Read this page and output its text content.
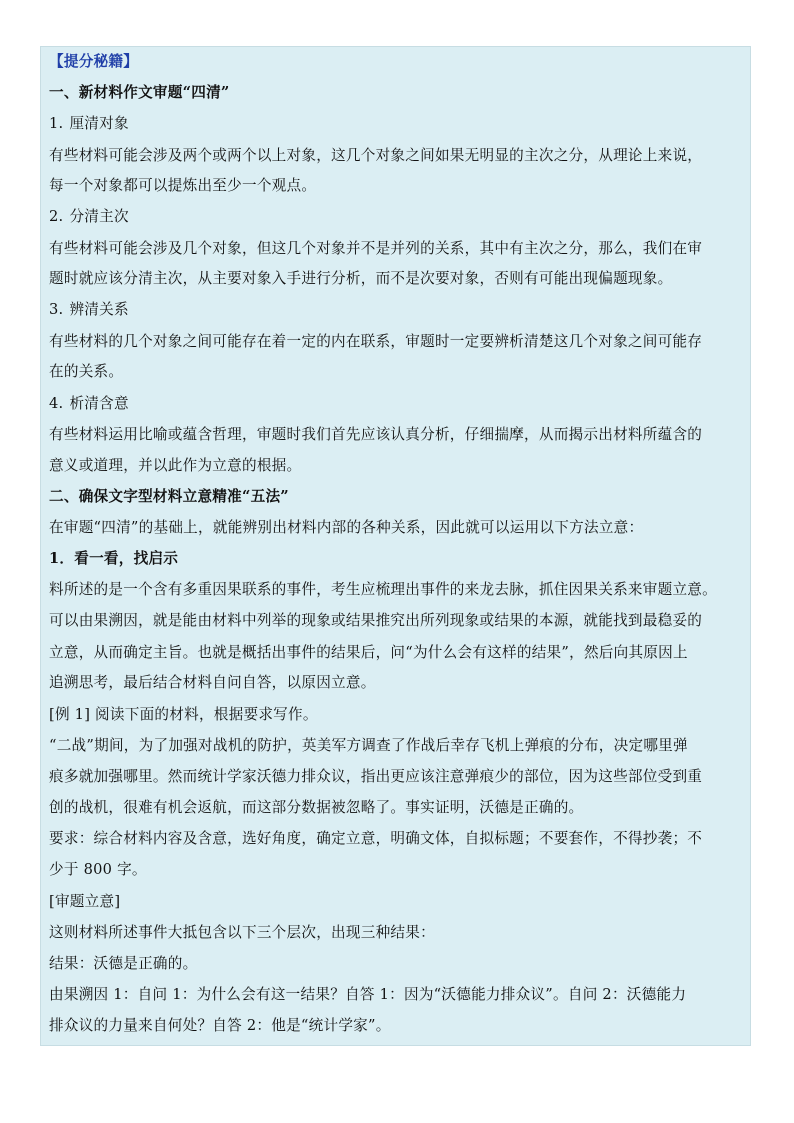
【提分秘籍】
一、新材料作文审题“四清”
1. 厘清对象
有些材料可能会涉及两个或两个以上对象，这几个对象之间如果无明显的主次之分，从理论上来说，
每一个对象都可以提炼出至少一个观点。
2. 分清主次
有些材料可能会涉及几个对象，但这几个对象并不是并列的关系，其中有主次之分，那么，我们在审
题时就应该分清主次，从主要对象入手进行分析，而不是次要对象，否则有可能出现偏题现象。
3. 辨清关系
有些材料的几个对象之间可能存在着一定的内在联系，审题时一定要辨析清楚这几个对象之间可能存
在的关系。
4. 析清含意
有些材料运用比喻或蕴含哲理，审题时我们首先应该认真分析，仔细揣摩，从而揭示出材料所蕴含的
意义或道理，并以此作为立意的根据。
二、确保文字型材料立意精准“五法”
在审题“四清”的基础上，就能辨别出材料内部的各种关系，因此就可以运用以下方法立意：
1．看一看，找启示
料所述的是一个含有多重因果联系的事件，考生应梳理出事件的来龙去脉，抓住因果关系来审题立意。
可以由果溯因，就是能由材料中列举的现象或结果推究出所列现象或结果的本源，就能找到最稳妥的
立意，从而确定主旨。也就是概括出事件的结果后，问“为什么会有这样的结果”，然后向其原因上
追溯思考，最后结合材料自问自答，以原因立意。
[例 1] 阅读下面的材料，根据要求写作。
“二战”期间，为了加强对战机的防护，英美军方调查了作战后幸存飞机上弹痕的分布，决定哪里弹
痕多就加强哪里。然而统计学家沃德力排众议，指出更应该注意弹痕少的部位，因为这些部位受到重
创的战机，很难有机会返航，而这部分数据被忽略了。事实证明，沃德是正确的。
要求：综合材料内容及含意，选好角度，确定立意，明确文体，自拟标题；不要套作，不得抄袭；不
少于 800 字。
[审题立意]
这则材料所述事件大抵包含以下三个层次，出现三种结果：
结果：沃德是正确的。
由果溯因 1：自问 1：为什么会有这一结果？自答 1：因为“沃德能力排众议”。自问 2：沃德能力
排众议的力量来自何处？自答 2：他是“统计学家”。
